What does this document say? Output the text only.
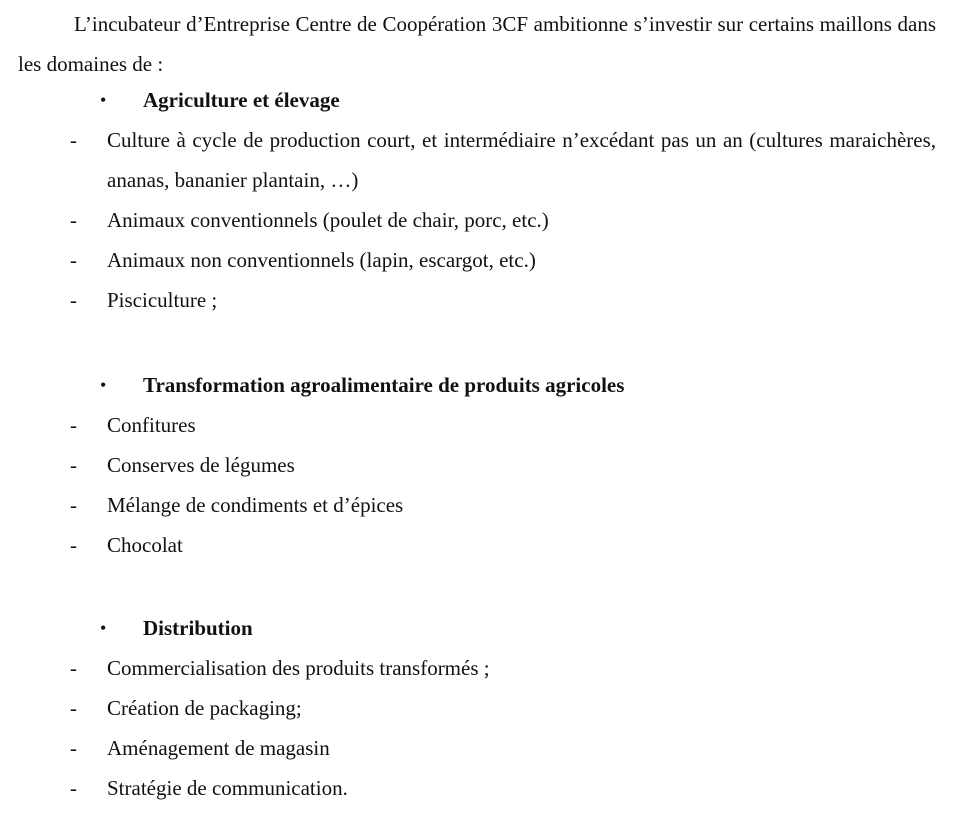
L’incubateur d’Entreprise Centre de Coopération 3CF ambitionne s’investir sur certains maillons dans les domaines de :

• Agriculture et élevage
- Culture à cycle de production court, et intermédiaire n’excédant pas un an (cultures maraichères, ananas, bananier plantain, …)
- Animaux conventionnels (poulet de chair, porc, etc.)
- Animaux non conventionnels (lapin, escargot, etc.)
- Pisciculture ;
• Transformation agroalimentaire de produits agricoles
- Confitures
- Conserves de légumes
- Mélange de condiments et d’épices
- Chocolat
• Distribution
- Commercialisation des produits transformés ;
- Création de packaging;
- Aménagement de magasin
- Stratégie de communication.
